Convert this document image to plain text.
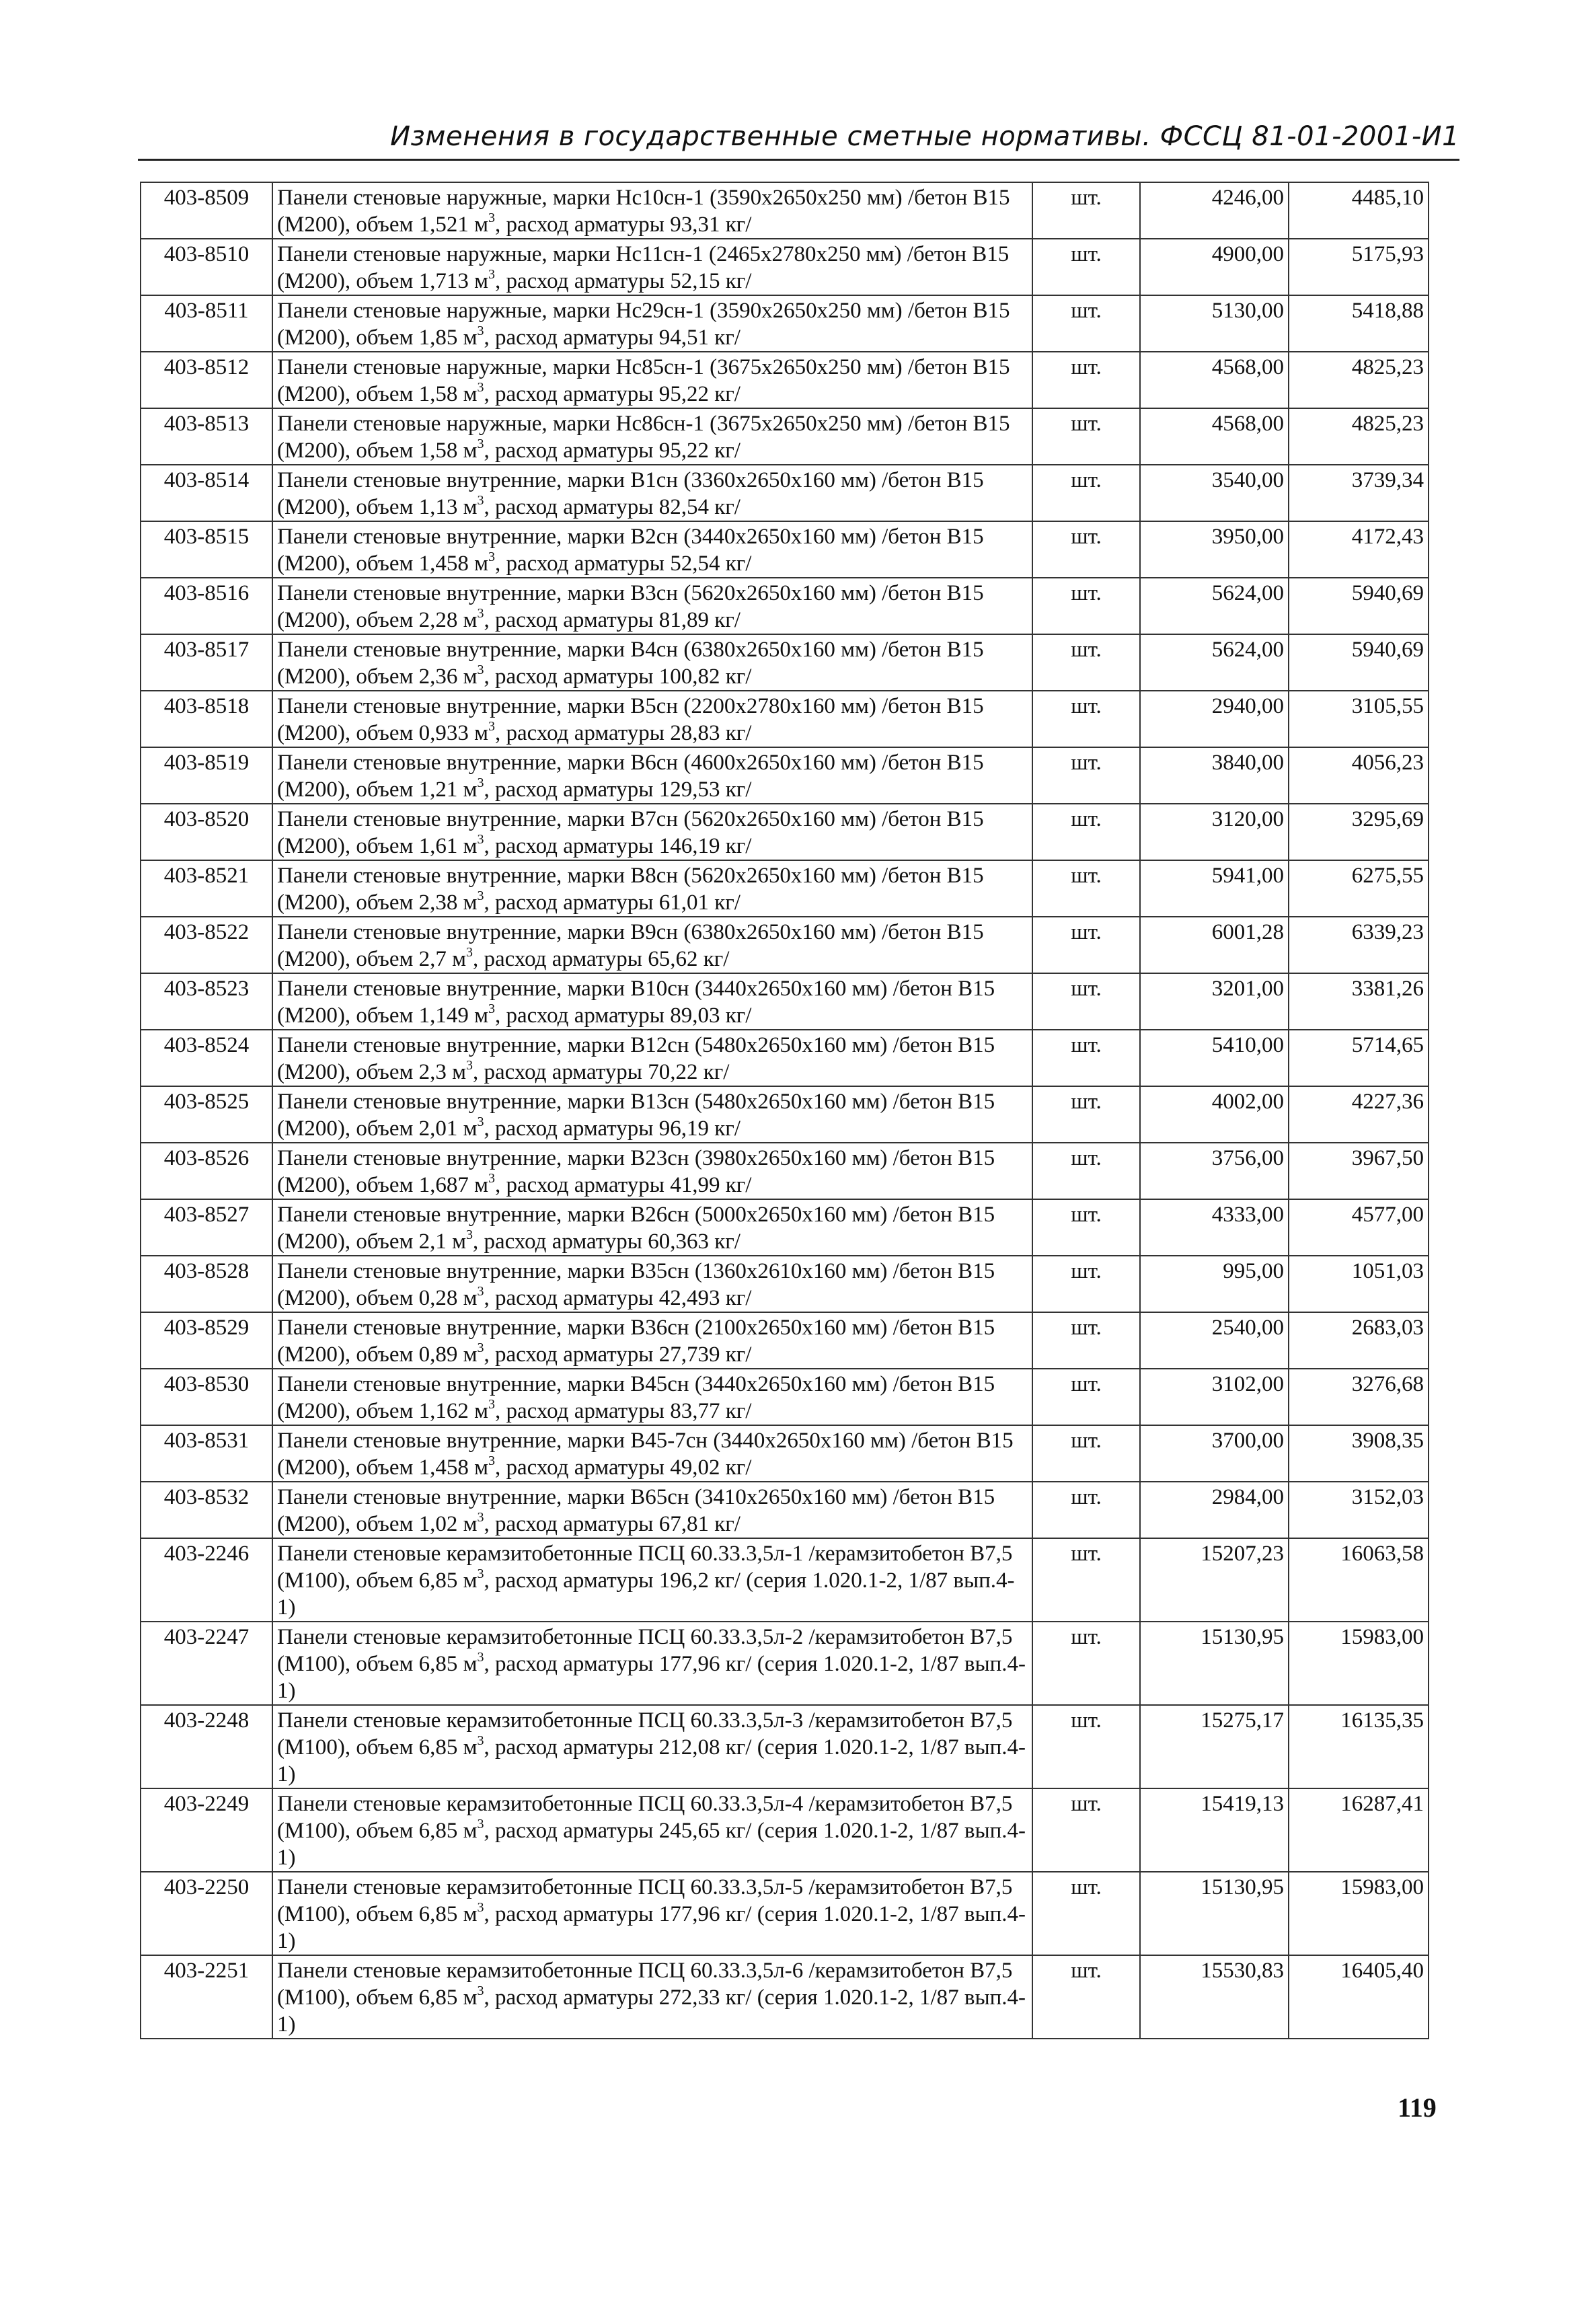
Изменения в государственные сметные нормативы. ФССЦ 81-01-2001-И1
403-8509	Панели стеновые наружные, марки Нс10сн-1 (3590х2650х250 мм) /бетон В15 (М200), объем 1,521 $м^3$, расход арматуры 93,31 кг/	шт.	4246,00	4485,10
403-8510	Панели стеновые наружные, марки Нс11сн-1 (2465х2780х250 мм) /бетон В15 (М200), объем 1,713 $м^3$, расход арматуры 52,15 кг/	шт.	4900,00	5175,93
403-8511	Панели стеновые наружные, марки Нс29сн-1 (3590х2650х250 мм) /бетон В15 (М200), объем 1,85 $м^3$, расход арматуры 94,51 кг/	шт.	5130,00	5418,88
403-8512	Панели стеновые наружные, марки Нс85сн-1 (3675х2650х250 мм) /бетон В15 (М200), объем 1,58 $м^3$, расход арматуры 95,22 кг/	шт.	4568,00	4825,23
403-8513	Панели стеновые наружные, марки Нс86сн-1 (3675х2650х250 мм) /бетон В15 (М200), объем 1,58 $м^3$, расход арматуры 95,22 кг/	шт.	4568,00	4825,23
403-8514	Панели стеновые внутренние, марки В1сн (3360х2650х160 мм) /бетон В15 (М200), объем 1,13 $м^3$, расход арматуры 82,54 кг/	шт.	3540,00	3739,34
403-8515	Панели стеновые внутренние, марки В2сн (3440х2650х160 мм) /бетон В15 (М200), объем 1,458 $м^3$, расход арматуры 52,54 кг/	шт.	3950,00	4172,43
403-8516	Панели стеновые внутренние, марки В3сн (5620х2650х160 мм) /бетон В15 (М200), объем 2,28 $м^3$, расход арматуры 81,89 кг/	шт.	5624,00	5940,69
403-8517	Панели стеновые внутренние, марки В4сн (6380х2650х160 мм) /бетон В15 (М200), объем 2,36 $м^3$, расход арматуры 100,82 кг/	шт.	5624,00	5940,69
403-8518	Панели стеновые внутренние, марки В5сн (2200х2780х160 мм) /бетон В15 (М200), объем 0,933 $м^3$, расход арматуры 28,83 кг/	шт.	2940,00	3105,55
403-8519	Панели стеновые внутренние, марки В6сн (4600х2650х160 мм) /бетон В15 (М200), объем 1,21 $м^3$, расход арматуры 129,53 кг/	шт.	3840,00	4056,23
403-8520	Панели стеновые внутренние, марки В7сн (5620х2650х160 мм) /бетон В15 (М200), объем 1,61 $м^3$, расход арматуры 146,19 кг/	шт.	3120,00	3295,69
403-8521	Панели стеновые внутренние, марки В8сн (5620х2650х160 мм) /бетон В15 (М200), объем 2,38 $м^3$, расход арматуры 61,01 кг/	шт.	5941,00	6275,55
403-8522	Панели стеновые внутренние, марки В9сн (6380х2650х160 мм) /бетон В15 (М200), объем 2,7 $м^3$, расход арматуры 65,62 кг/	шт.	6001,28	6339,23
403-8523	Панели стеновые внутренние, марки В10сн (3440х2650х160 мм) /бетон В15 (М200), объем 1,149 $м^3$, расход арматуры 89,03 кг/	шт.	3201,00	3381,26
403-8524	Панели стеновые внутренние, марки В12сн (5480х2650х160 мм) /бетон В15 (М200), объем 2,3 $м^3$, расход арматуры 70,22 кг/	шт.	5410,00	5714,65
403-8525	Панели стеновые внутренние, марки В13сн (5480х2650х160 мм) /бетон В15 (М200), объем 2,01 $м^3$, расход арматуры 96,19 кг/	шт.	4002,00	4227,36
403-8526	Панели стеновые внутренние, марки В23сн (3980х2650х160 мм) /бетон В15 (М200), объем 1,687 $м^3$, расход арматуры 41,99 кг/	шт.	3756,00	3967,50
403-8527	Панели стеновые внутренние, марки В26сн (5000х2650х160 мм) /бетон В15 (М200), объем 2,1 $м^3$, расход арматуры 60,363 кг/	шт.	4333,00	4577,00
403-8528	Панели стеновые внутренние, марки В35сн (1360х2610х160 мм) /бетон В15 (М200), объем 0,28 $м^3$, расход арматуры 42,493 кг/	шт.	995,00	1051,03
403-8529	Панели стеновые внутренние, марки В36сн (2100х2650х160 мм) /бетон В15 (М200), объем 0,89 $м^3$, расход арматуры 27,739 кг/	шт.	2540,00	2683,03
403-8530	Панели стеновые внутренние, марки В45сн (3440х2650х160 мм) /бетон В15 (М200), объем 1,162 $м^3$, расход арматуры 83,77 кг/	шт.	3102,00	3276,68
403-8531	Панели стеновые внутренние, марки В45-7сн (3440х2650х160 мм) /бетон В15 (М200), объем 1,458 $м^3$, расход арматуры 49,02 кг/	шт.	3700,00	3908,35
403-8532	Панели стеновые внутренние, марки В65сн (3410х2650х160 мм) /бетон В15 (М200), объем 1,02 $м^3$, расход арматуры 67,81 кг/	шт.	2984,00	3152,03
403-2246	Панели стеновые керамзитобетонные ПСЦ 60.33.3,5л-1 /керамзитобетон В7,5 (М100), объем 6,85 $м^3$, расход арматуры 196,2 кг/ (серия 1.020.1-2, 1/87 вып.4-1)	шт.	15207,23	16063,58
403-2247	Панели стеновые керамзитобетонные ПСЦ 60.33.3,5л-2 /керамзитобетон В7,5 (М100), объем 6,85 $м^3$, расход арматуры 177,96 кг/ (серия 1.020.1-2, 1/87 вып.4-1)	шт.	15130,95	15983,00
403-2248	Панели стеновые керамзитобетонные ПСЦ 60.33.3,5л-3 /керамзитобетон В7,5 (М100), объем 6,85 $м^3$, расход арматуры 212,08 кг/ (серия 1.020.1-2, 1/87 вып.4-1)	шт.	15275,17	16135,35
403-2249	Панели стеновые керамзитобетонные ПСЦ 60.33.3,5л-4 /керамзитобетон В7,5 (М100), объем 6,85 $м^3$, расход арматуры 245,65 кг/ (серия 1.020.1-2, 1/87 вып.4-1)	шт.	15419,13	16287,41
403-2250	Панели стеновые керамзитобетонные ПСЦ 60.33.3,5л-5 /керамзитобетон В7,5 (М100), объем 6,85 $м^3$, расход арматуры 177,96 кг/ (серия 1.020.1-2, 1/87 вып.4-1)	шт.	15130,95	15983,00
403-2251	Панели стеновые керамзитобетонные ПСЦ 60.33.3,5л-6 /керамзитобетон В7,5 (М100), объем 6,85 $м^3$, расход арматуры 272,33 кг/ (серия 1.020.1-2, 1/87 вып.4-1)	шт.	15530,83	16405,40
119
